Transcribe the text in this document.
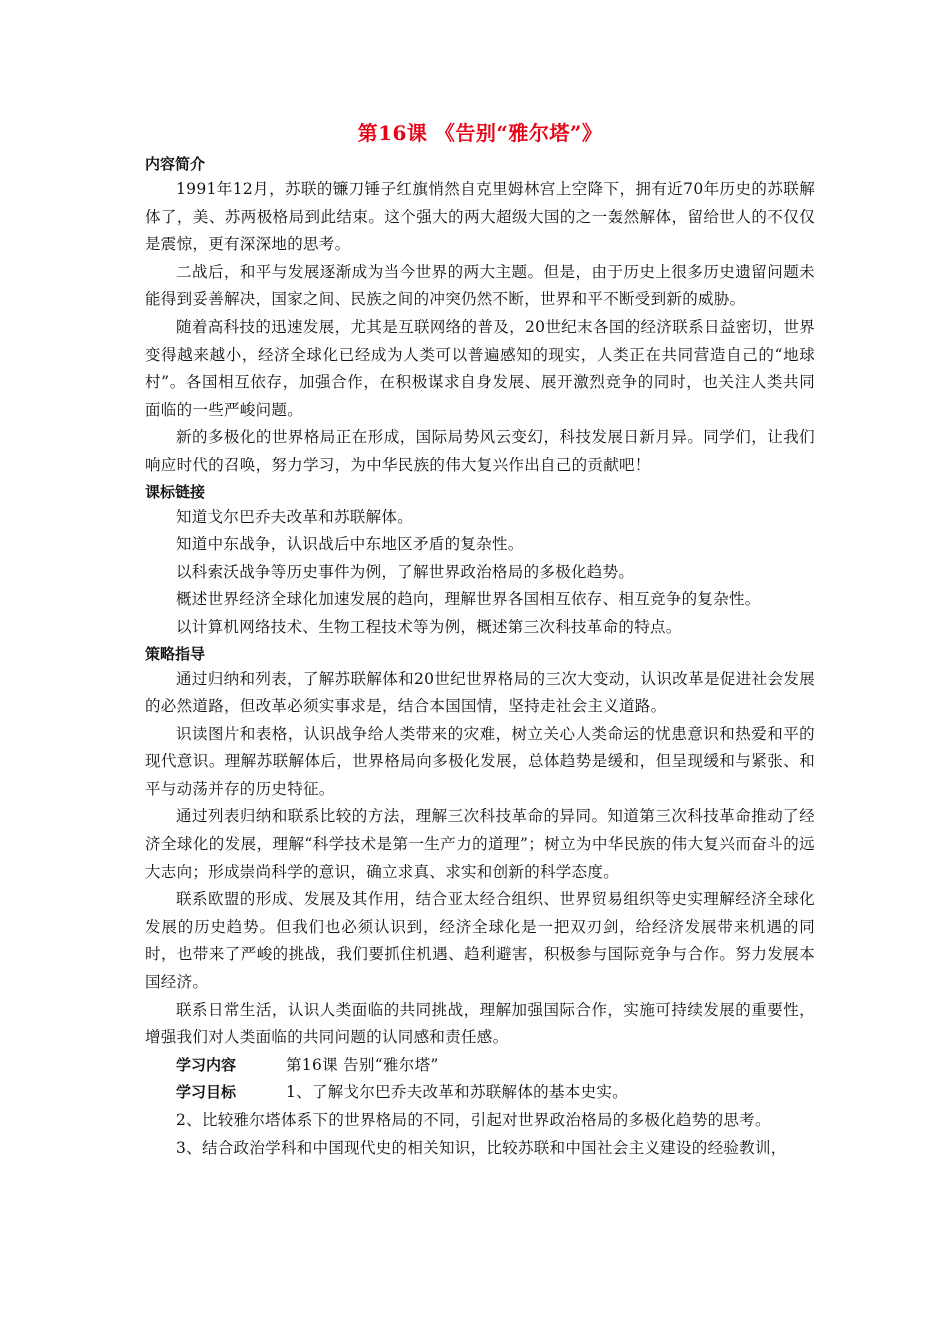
第16课 《告别“雅尔塔”》

内容简介

1991年12月，苏联的镰刀锤子红旗悄然自克里姆林宫上空降下，拥有近70年历史的苏联解体了，美、苏两极格局到此结束。这个强大的两大超级大国的之一轰然解体，留给世人的不仅仅是震惊，更有深深地的思考。

二战后，和平与发展逐渐成为当今世界的两大主题。但是，由于历史上很多历史遗留问题未能得到妥善解决，国家之间、民族之间的冲突仍然不断，世界和平不断受到新的威胁。

随着高科技的迅速发展，尤其是互联网络的普及，20世纪末各国的经济联系日益密切，世界变得越来越小，经济全球化已经成为人类可以普遍感知的现实，人类正在共同营造自己的“地球村”。各国相互依存，加强合作，在积极谋求自身发展、展开激烈竞争的同时，也关注人类共同面临的一些严峻问题。

新的多极化的世界格局正在形成，国际局势风云变幻，科技发展日新月异。同学们，让我们响应时代的召唤，努力学习，为中华民族的伟大复兴作出自己的贡献吧！

课标链接

知道戈尔巴乔夫改革和苏联解体。

知道中东战争，认识战后中东地区矛盾的复杂性。

以科索沃战争等历史事件为例，了解世界政治格局的多极化趋势。

概述世界经济全球化加速发展的趋向，理解世界各国相互依存、相互竞争的复杂性。

以计算机网络技术、生物工程技术等为例，概述第三次科技革命的特点。

策略指导

通过归纳和列表，了解苏联解体和20世纪世界格局的三次大变动，认识改革是促进社会发展的必然道路，但改革必须实事求是，结合本国国情，坚持走社会主义道路。

识读图片和表格，认识战争给人类带来的灾难，树立关心人类命运的忧患意识和热爱和平的现代意识。理解苏联解体后，世界格局向多极化发展，总体趋势是缓和，但呈现缓和与紧张、和平与动荡并存的历史特征。

通过列表归纳和联系比较的方法，理解三次科技革命的异同。知道第三次科技革命推动了经济全球化的发展，理解“科学技术是第一生产力的道理”；树立为中华民族的伟大复兴而奋斗的远大志向；形成崇尚科学的意识，确立求真、求实和创新的科学态度。

联系欧盟的形成、发展及其作用，结合亚太经合组织、世界贸易组织等史实理解经济全球化发展的历史趋势。但我们也必须认识到，经济全球化是一把双刃剑，给经济发展带来机遇的同时，也带来了严峻的挑战，我们要抓住机遇、趋利避害，积极参与国际竞争与合作。努力发展本国经济。

联系日常生活，认识人类面临的共同挑战，理解加强国际合作，实施可持续发展的重要性，增强我们对人类面临的共同问题的认同感和责任感。

学习内容	第16课 告别“雅尔塔”

学习目标	1、了解戈尔巴乔夫改革和苏联解体的基本史实。

2、比较雅尔塔体系下的世界格局的不同，引起对世界政治格局的多极化趋势的思考。

3、结合政治学科和中国现代史的相关知识，比较苏联和中国社会主义建设的经验教训，
